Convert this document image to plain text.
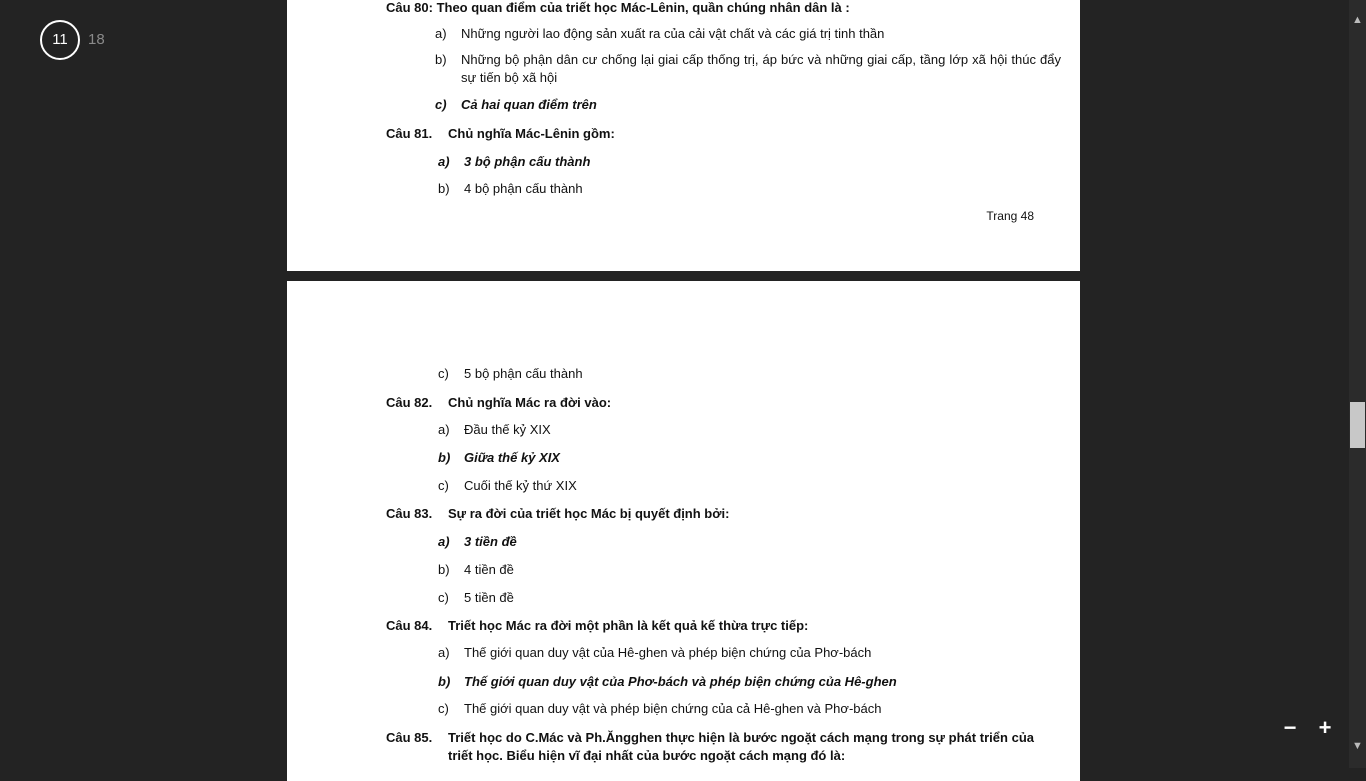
11	18
Câu 80: Theo quan điểm của triết học Mác-Lênin, quần chúng nhân dân là :
a) Những người lao động sản xuất ra của cải vật chất và các giá trị tinh thần
b)	Những bộ phận dân cư chống lại giai cấp thống trị, áp bức và những giai cấp, tầng lớp xã hội thúc đẩy sự tiến bộ xã hội
c) Cả hai quan điểm trên
Câu 81. Chủ nghĩa Mác-Lênin gồm:
a) 3 bộ phận cấu thành
b) 4 bộ phận cấu thành
Trang 48
c) 5 bộ phận cấu thành
Câu 82. Chủ nghĩa Mác ra đời vào:
a) Đầu thế kỷ XIX
b) Giữa thế kỷ XIX
c) Cuối thế kỷ thứ XIX
Câu 83. Sự ra đời của triết học Mác bị quyết định bởi:
a) 3 tiền đề
b) 4 tiền đề
c) 5 tiền đề
Câu 84. Triết học Mác ra đời một phần là kết quả kế thừa trực tiếp:
a) Thế giới quan duy vật của Hê-ghen và phép biện chứng của Phơ-bách
b) Thế giới quan duy vật của Phơ-bách và phép biện chứng của Hê-ghen
c) Thế giới quan duy vật và phép biện chứng của cả Hê-ghen và Phơ-bách
Câu 85.	Triết học do C.Mác và Ph.Ăngghen thực hiện là bước ngoặt cách mạng trong sự phát triển của triết học. Biểu hiện vĩ đại nhất của bước ngoặt cách mạng đó là:
− +
▲
▼
